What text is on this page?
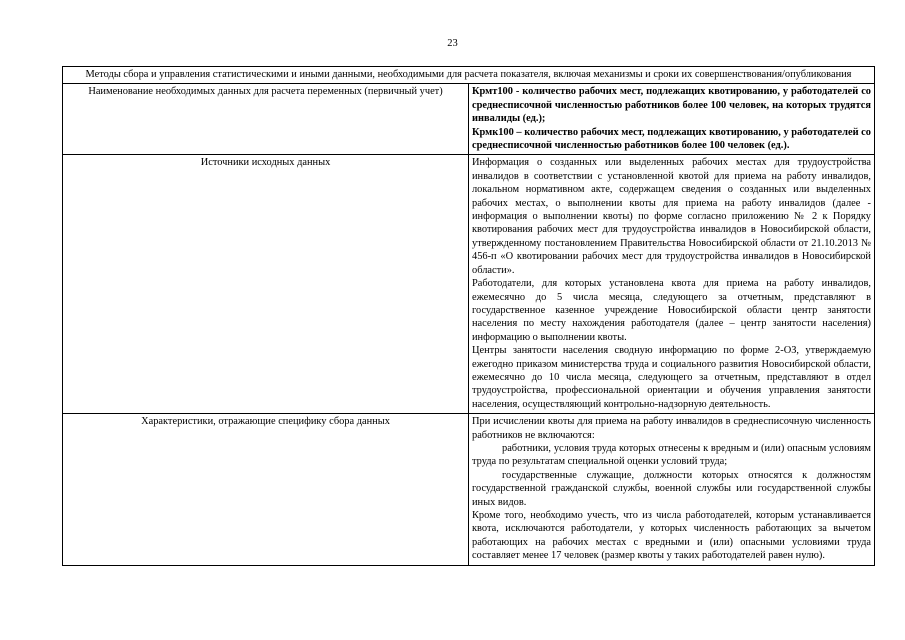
23
Методы сбора и управления статистическими и иными данными, необходимыми для расчета показателя, включая механизмы и сроки их совершенствования/опубликования	
Наименование необходимых данных для расчета переменных (первичный учет)	Крмт100 - количество рабочих мест, подлежащих квотированию, у работодателей со среднесписочной численностью работников более 100 человек, на которых трудятся инвалиды (ед.);

Крмк100 – количество рабочих мест, подлежащих квотированию, у работодателей со среднесписочной численностью работников более 100 человек (ед.).

Источники исходных данных	Информация о созданных или выделенных рабочих местах для трудоустройства инвалидов в соответствии с установленной квотой для приема на работу инвалидов, локальном нормативном акте, содержащем сведения о созданных или выделенных рабочих местах, о выполнении квоты для приема на работу инвалидов (далее - информация о выполнении квоты) по форме согласно приложению № 2 к Порядку квотирования рабочих мест для трудоустройства инвалидов в Новосибирской области, утвержденному постановлением Правительства Новосибирской области от 21.10.2013 № 456-п «О квотировании рабочих мест для трудоустройства инвалидов в Новосибирской области».

Работодатели, для которых установлена квота для приема на работу инвалидов, ежемесячно до 5 числа месяца, следующего за отчетным, представляют в государственное казенное учреждение Новосибирской области центр занятости населения по месту нахождения работодателя (далее – центр занятости населения) информацию о выполнении квоты.

Центры занятости населения сводную информацию по форме 2-ОЗ, утверждаемую ежегодно приказом министерства труда и социального развития Новосибирской области, ежемесячно до 10 числа месяца, следующего за отчетным, представляют в отдел трудоустройства, профессиональной ориентации и обучения управления занятости населения, осуществляющий контрольно-надзорную деятельность.

Характеристики, отражающие специфику сбора данных	При исчислении квоты для приема на работу инвалидов в среднесписочную численность работников не включаются:

работники, условия труда которых отнесены к вредным и (или) опасным условиям труда по результатам специальной оценки условий труда;

государственные служащие, должности которых относятся к должностям государственной гражданской службы, военной службы или государственной службы иных видов.

Кроме того, необходимо учесть, что из числа работодателей, которым устанавливается квота, исключаются работодатели, у которых численность работающих за вычетом работающих на рабочих местах с вредными и (или) опасными условиями труда составляет менее 17 человек (размер квоты у таких работодателей равен нулю).
